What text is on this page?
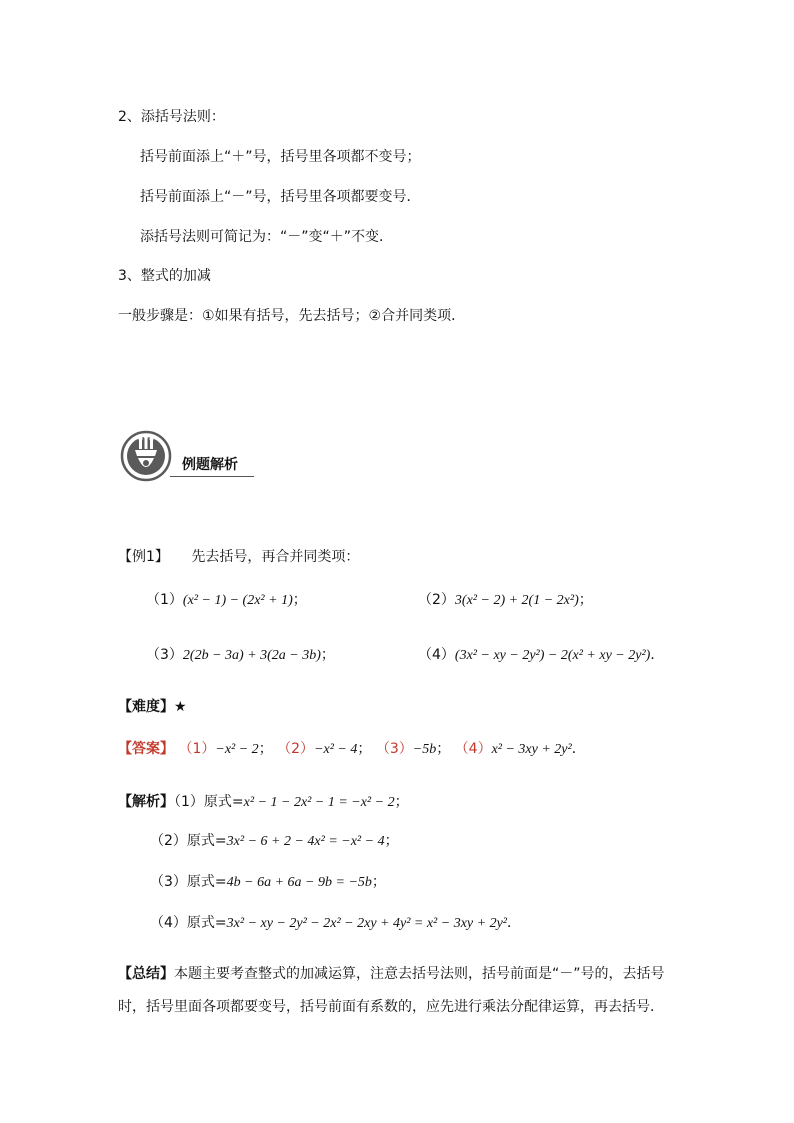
2、添括号法则：
括号前面添上“＋”号，括号里各项都不变号；
括号前面添上“－”号，括号里各项都要变号．
添括号法则可简记为：“－”变“＋”不变．
3、整式的加减
一般步骤是：①如果有括号，先去括号；②合并同类项．
例题解析
【例1】 先去括号，再合并同类项：
（1）(x² − 1) − (2x² + 1)；	（2）3(x² − 2) + 2(1 − 2x²)；
（3）2(2b − 3a) + 3(2a − 3b)；	（4）(3x² − xy − 2y²) − 2(x² + xy − 2y²)．
【难度】★
【答案】 （1）−x² − 2； （2）−x² − 4； （3）−5b； （4）x² − 3xy + 2y²．
【解析】（1）原式=x² − 1 − 2x² − 1 = −x² − 2；
（2）原式=3x² − 6 + 2 − 4x² = −x² − 4；
（3）原式=4b − 6a + 6a − 9b = −5b；
（4）原式=3x² − xy − 2y² − 2x² − 2xy + 4y² = x² − 3xy + 2y²．
【总结】本题主要考查整式的加减运算，注意去括号法则，括号前面是“－”号的，去括号
时，括号里面各项都要变号，括号前面有系数的，应先进行乘法分配律运算，再去括号．
